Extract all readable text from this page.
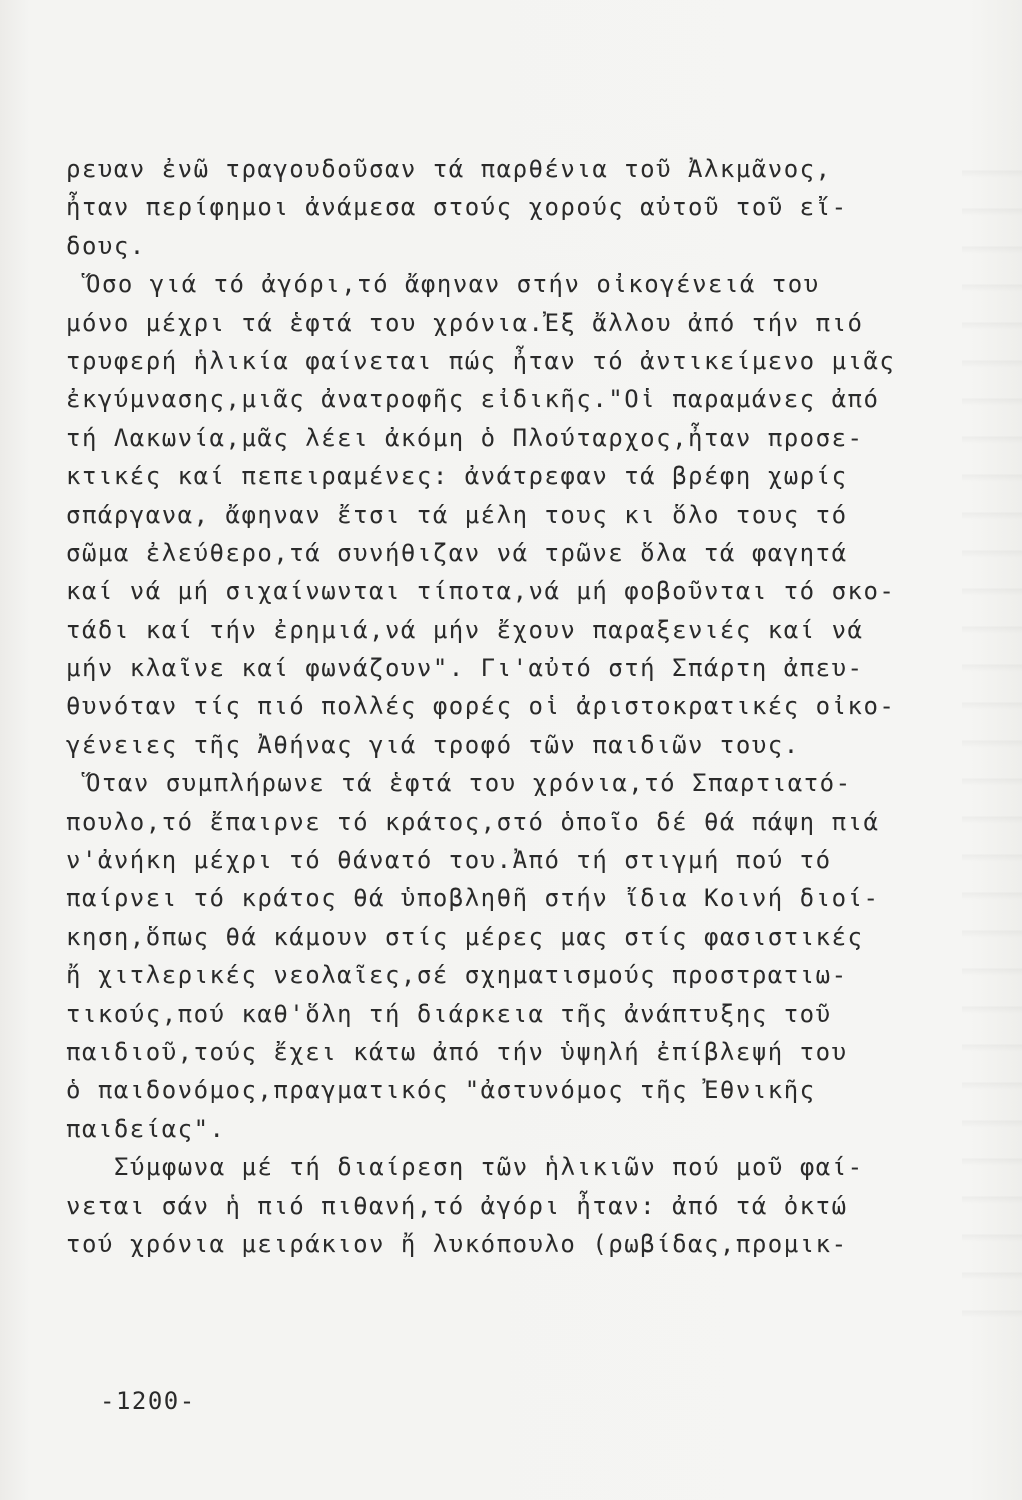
ρευαν ἐνῶ τραγουδοῦσαν τά παρθένια τοῦ Ἀλκμᾶνος,
ἦταν περίφημοι ἀνάμεσα στούς χορούς αὐτοῦ τοῦ εἴ-
δους.
Ὅσο γιά τό ἀγόρι,τό ἄφηναν στήν οἰκογένειά του
μόνο μέχρι τά ἑφτά του χρόνια.Ἐξ ἄλλου ἀπό τήν πιό
τρυφερή ἡλικία φαίνεται πώς ἦταν τό ἀντικείμενο μιᾶς
ἐκγύμνασης,μιᾶς ἀνατροφῆς εἰδικῆς."Οἱ παραμάνες ἀπό
τή Λακωνία,μᾶς λέει ἀκόμη ὁ Πλούταρχος,ἦταν προσε-
κτικές καί πεπειραμένες: ἀνάτρεφαν τά βρέφη χωρίς
σπάργανα, ἄφηναν ἔτσι τά μέλη τους κι ὅλο τους τό
σῶμα ἐλεύθερο,τά συνήθιζαν νά τρῶνε ὅλα τά φαγητά
καί νά μή σιχαίνωνται τίποτα,νά μή φοβοῦνται τό σκο-
τάδι καί τήν ἐρημιά,νά μήν ἔχουν παραξενιές καί νά
μήν κλαῖνε καί φωνάζουν". Γι'αὐτό στή Σπάρτη ἀπευ-
θυνόταν τίς πιό πολλές φορές οἱ ἀριστοκρατικές οἰκο-
γένειες τῆς Ἀθήνας γιά τροφό τῶν παιδιῶν τους.
Ὅταν συμπλήρωνε τά ἑφτά του χρόνια,τό Σπαρτιατό-
πουλο,τό ἔπαιρνε τό κράτος,στό ὁποῖο δέ θά πάψη πιά
ν'ἀνήκη μέχρι τό θάνατό του.Ἀπό τή στιγμή πού τό
παίρνει τό κράτος θά ὑποβληθῆ στήν ἴδια Κοινή διοί-
κηση,ὅπως θά κάμουν στίς μέρες μας στίς φασιστικές
ἤ χιτλερικές νεολαῖες,σέ σχηματισμούς προστρατιω-
τικούς,πού καθ'ὅλη τή διάρκεια τῆς ἀνάπτυξης τοῦ
παιδιοῦ,τούς ἔχει κάτω ἀπό τήν ὑψηλή ἐπίβλεψή του
ὁ παιδονόμος,πραγματικός "ἀστυνόμος τῆς Ἐθνικῆς
παιδείας".
Σύμφωνα μέ τή διαίρεση τῶν ἡλικιῶν πού μοῦ φαί-
νεται σάν ἡ πιό πιθανή,τό ἀγόρι ἦταν: ἀπό τά ὀκτώ
τού χρόνια μειράκιον ἤ λυκόπουλο (ρωβίδας,προμικ-
-1200-
